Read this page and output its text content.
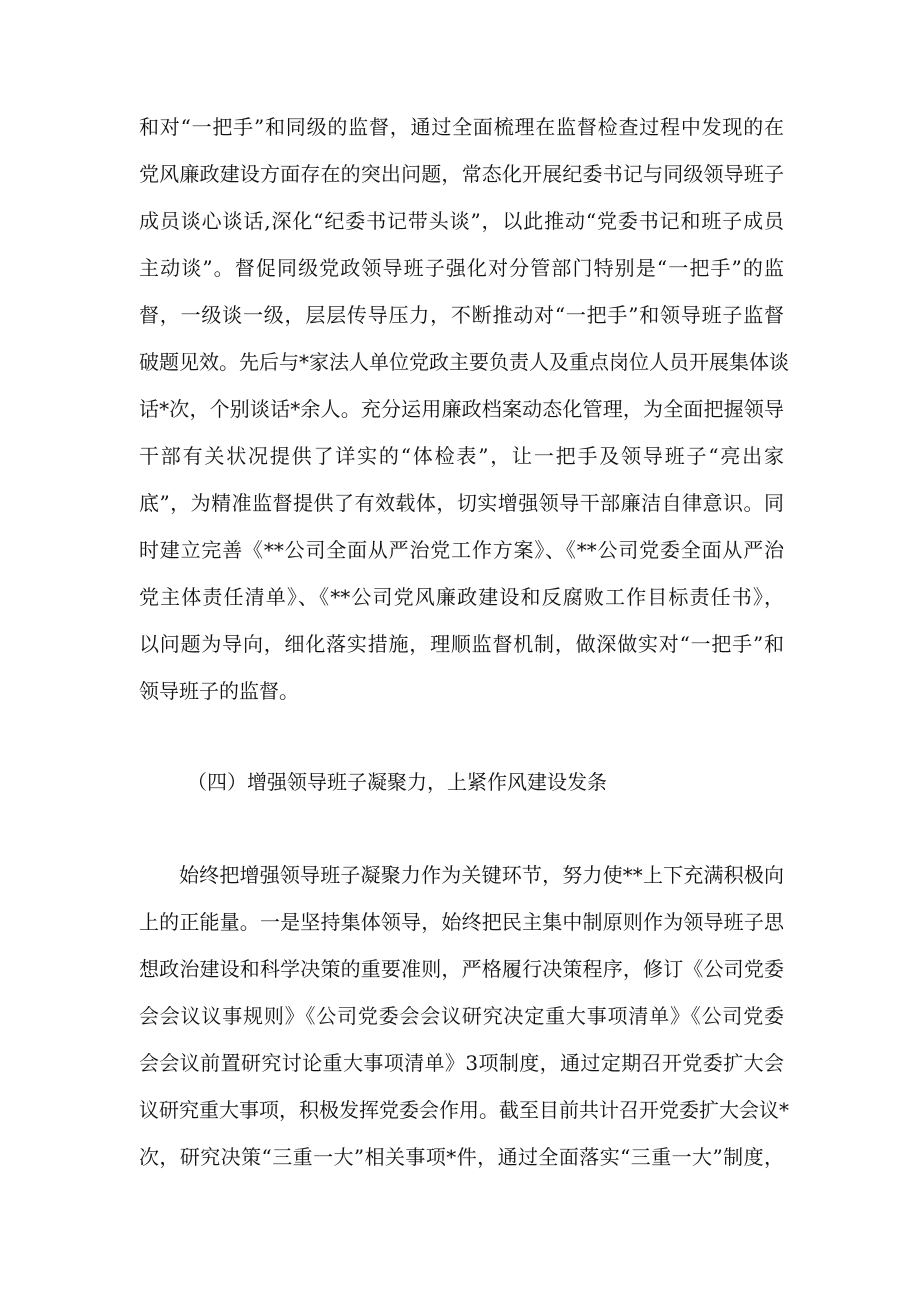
和对“一把手”和同级的监督，通过全面梳理在监督检查过程中发现的在
党风廉政建设方面存在的突出问题，常态化开展纪委书记与同级领导班子
成员谈心谈话,深化“纪委书记带头谈”，以此推动“党委书记和班子成员
主动谈”。督促同级党政领导班子强化对分管部门特别是“一把手”的监
督，一级谈一级，层层传导压力，不断推动对“一把手”和领导班子监督
破题见效。先后与*家法人单位党政主要负责人及重点岗位人员开展集体谈
话*次，个别谈话*余人。充分运用廉政档案动态化管理，为全面把握领导
干部有关状况提供了详实的“体检表”，让一把手及领导班子“亮出家
底”，为精准监督提供了有效载体，切实增强领导干部廉洁自律意识。同
时建立完善《**公司全面从严治党工作方案》、《**公司党委全面从严治
党主体责任清单》、《**公司党风廉政建设和反腐败工作目标责任书》，
以问题为导向，细化落实措施，理顺监督机制，做深做实对“一把手”和
领导班子的监督。
（四）增强领导班子凝聚力，上紧作风建设发条
始终把增强领导班子凝聚力作为关键环节，努力使**上下充满积极向
上的正能量。一是坚持集体领导，始终把民主集中制原则作为领导班子思
想政治建设和科学决策的重要准则，严格履行决策程序，修订《公司党委
会会议议事规则》《公司党委会会议研究决定重大事项清单》《公司党委
会会议前置研究讨论重大事项清单》3项制度，通过定期召开党委扩大会
议研究重大事项，积极发挥党委会作用。截至目前共计召开党委扩大会议*
次，研究决策“三重一大”相关事项*件，通过全面落实“三重一大”制度，
